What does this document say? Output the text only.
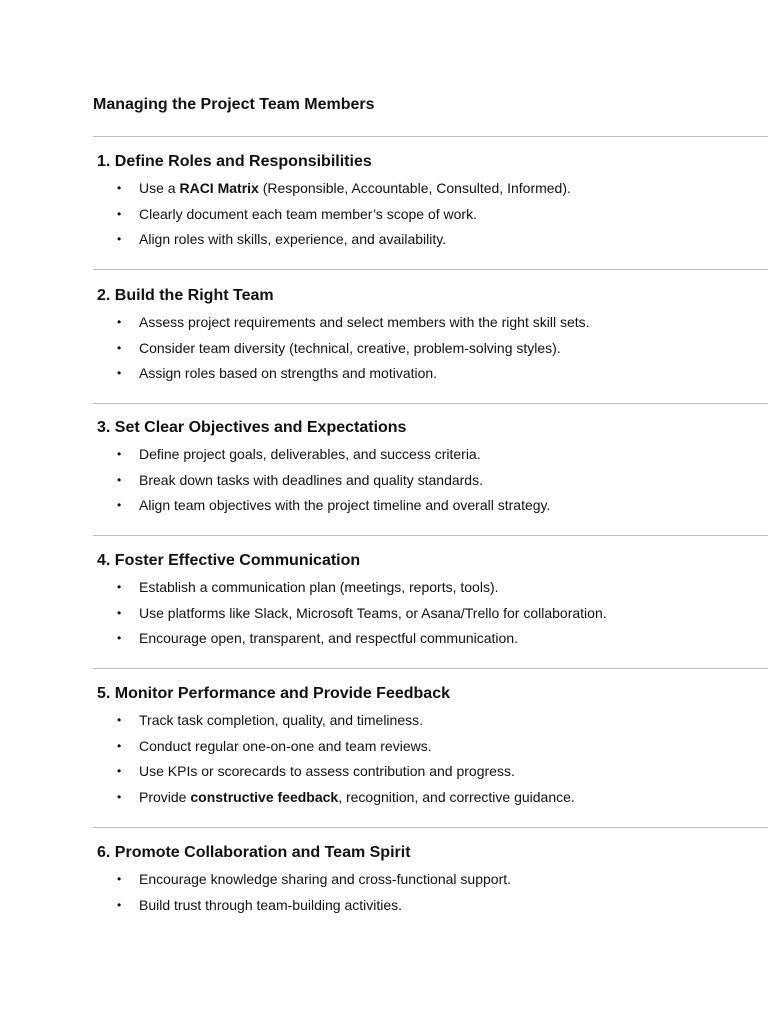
Managing the Project Team Members
1. Define Roles and Responsibilities
• Use a RACI Matrix (Responsible, Accountable, Consulted, Informed).
• Clearly document each team member’s scope of work.
• Align roles with skills, experience, and availability.
2. Build the Right Team
• Assess project requirements and select members with the right skill sets.
• Consider team diversity (technical, creative, problem-solving styles).
• Assign roles based on strengths and motivation.
3. Set Clear Objectives and Expectations
• Define project goals, deliverables, and success criteria.
• Break down tasks with deadlines and quality standards.
• Align team objectives with the project timeline and overall strategy.
4. Foster Effective Communication
• Establish a communication plan (meetings, reports, tools).
• Use platforms like Slack, Microsoft Teams, or Asana/Trello for collaboration.
• Encourage open, transparent, and respectful communication.
5. Monitor Performance and Provide Feedback
• Track task completion, quality, and timeliness.
• Conduct regular one-on-one and team reviews.
• Use KPIs or scorecards to assess contribution and progress.
• Provide constructive feedback, recognition, and corrective guidance.
6. Promote Collaboration and Team Spirit
• Encourage knowledge sharing and cross-functional support.
• Build trust through team-building activities.
